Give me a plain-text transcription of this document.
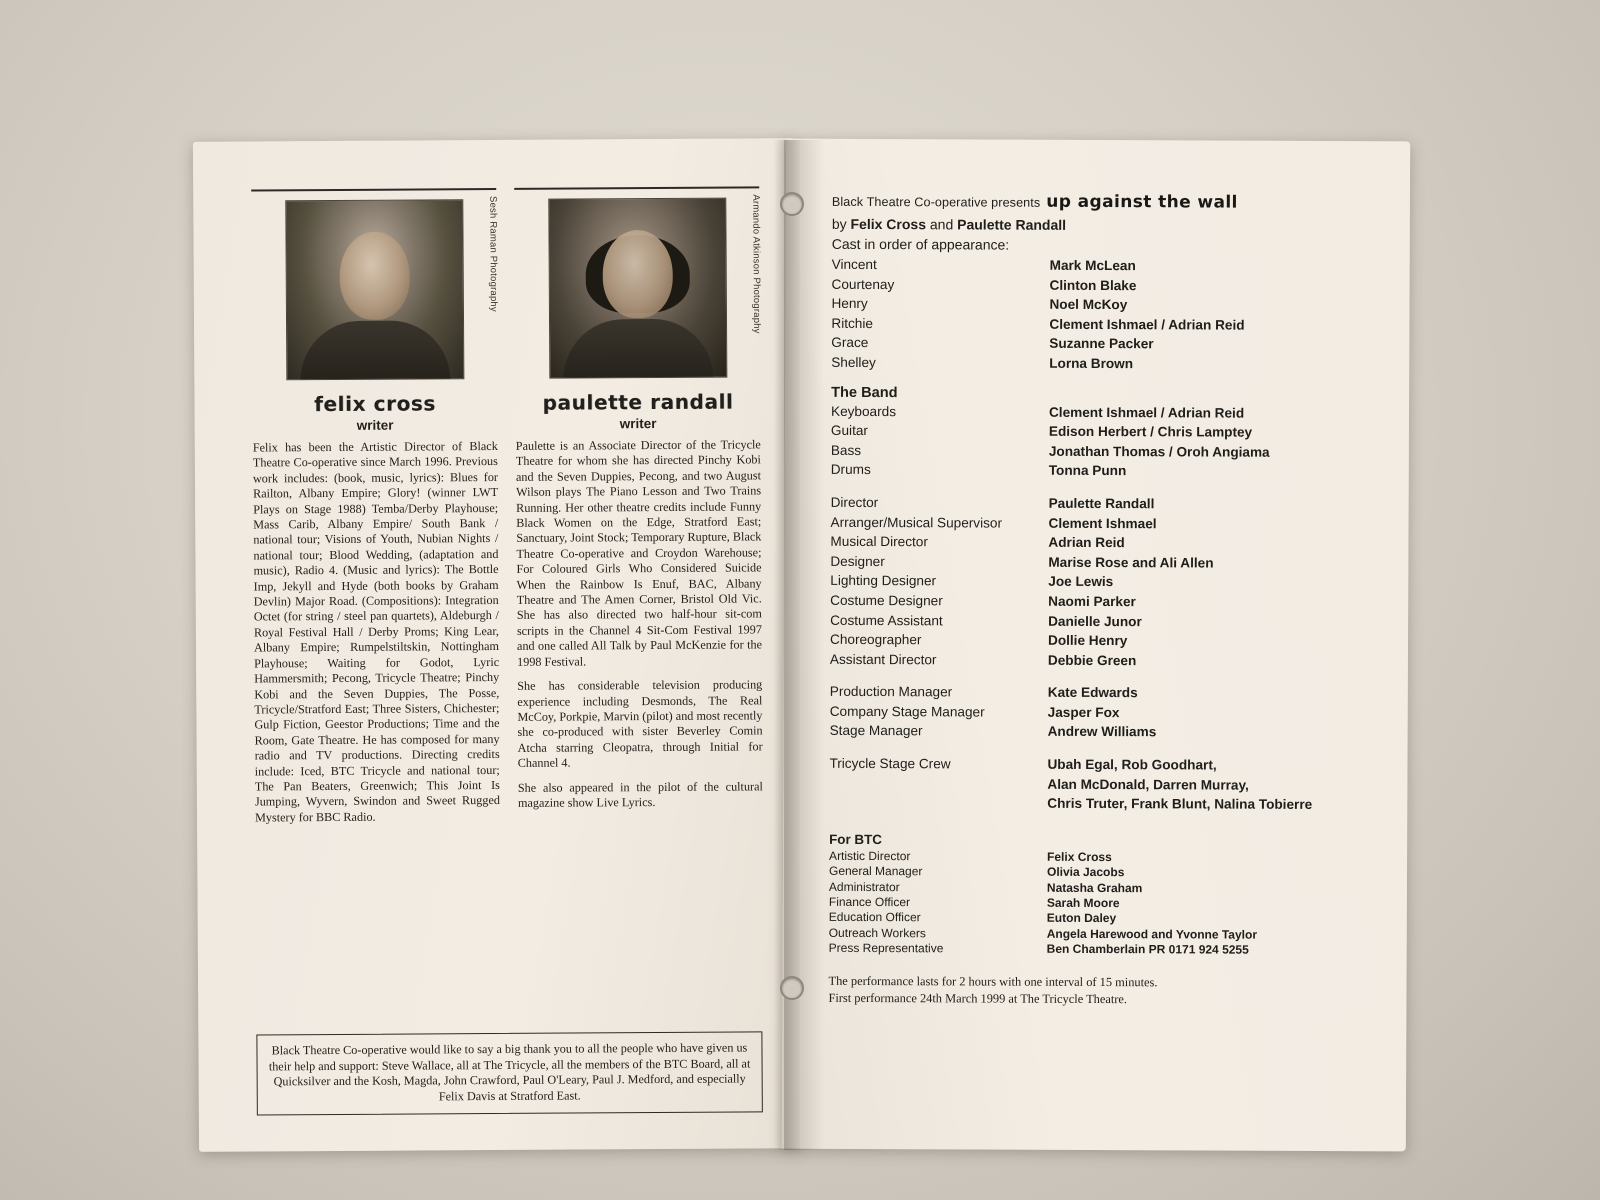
Sesh Raman Photography
felix cross
writer

Felix has been the Artistic Director of Black Theatre Co-operative since March 1996. Previous work includes: (book, music, lyrics): Blues for Railton, Albany Empire; Glory! (winner LWT Plays on Stage 1988) Temba/Derby Playhouse; Mass Carib, Albany Empire/ South Bank / national tour; Visions of Youth, Nubian Nights / national tour; Blood Wedding, (adaptation and music), Radio 4. (Music and lyrics): The Bottle Imp, Jekyll and Hyde (both books by Graham Devlin) Major Road. (Compositions): Integration Octet (for string / steel pan quartets), Aldeburgh / Royal Festival Hall / Derby Proms; King Lear, Albany Empire; Rumpelstiltskin, Nottingham Playhouse; Waiting for Godot, Lyric Hammersmith; Pecong, Tricycle Theatre; Pinchy Kobi and the Seven Duppies, The Posse, Tricycle/Stratford East; Three Sisters, Chichester; Gulp Fiction, Geestor Productions; Time and the Room, Gate Theatre. He has composed for many radio and TV productions. Directing credits include: Iced, BTC Tricycle and national tour; The Pan Beaters, Greenwich; This Joint Is Jumping, Wyvern, Swindon and Sweet Rugged Mystery for BBC Radio.

Armando Atkinson Photography
paulette randall
writer

Paulette is an Associate Director of the Tricycle Theatre for whom she has directed Pinchy Kobi and the Seven Duppies, Pecong, and two August Wilson plays The Piano Lesson and Two Trains Running. Her other theatre credits include Funny Black Women on the Edge, Stratford East; Sanctuary, Joint Stock; Temporary Rupture, Black Theatre Co-operative and Croydon Warehouse; For Coloured Girls Who Considered Suicide When the Rainbow Is Enuf, BAC, Albany Theatre and The Amen Corner, Bristol Old Vic. She has also directed two half-hour sit-com scripts in the Channel 4 Sit-Com Festival 1997 and one called All Talk by Paul McKenzie for the 1998 Festival.

She has considerable television producing experience including Desmonds, The Real McCoy, Porkpie, Marvin (pilot) and most recently she co-produced with sister Beverley Comin Atcha starring Cleopatra, through Initial for Channel 4.

She also appeared in the pilot of the cultural magazine show Live Lyrics.

Black Theatre Co-operative would like to say a big thank you to all the people who have given us their help and support: Steve Wallace, all at The Tricycle, all the members of the BTC Board, all at Quicksilver and the Kosh, Magda, John Crawford, Paul O'Leary, Paul J. Medford, and especially Felix Davis at Stratford East.
Black Theatre Co-operative presents up against the wall
by Felix Cross and Paulette Randall
Cast in order of appearance:
Vincent	Mark McLean
Courtenay	Clinton Blake
Henry	Noel McKoy
Ritchie	Clement Ishmael / Adrian Reid
Grace	Suzanne Packer
Shelley	Lorna Brown
The Band
Keyboards	Clement Ishmael / Adrian Reid
Guitar	Edison Herbert / Chris Lamptey
Bass	Jonathan Thomas / Oroh Angiama
Drums	Tonna Punn
Director	Paulette Randall
Arranger/Musical Supervisor	Clement Ishmael
Musical Director	Adrian Reid
Designer	Marise Rose and Ali Allen
Lighting Designer	Joe Lewis
Costume Designer	Naomi Parker
Costume Assistant	Danielle Junor
Choreographer	Dollie Henry
Assistant Director	Debbie Green
Production Manager	Kate Edwards
Company Stage Manager	Jasper Fox
Stage Manager	Andrew Williams
Tricycle Stage Crew	Ubah Egal, Rob Goodhart,
Alan McDonald, Darren Murray,
Chris Truter, Frank Blunt, Nalina Tobierre
For BTC
Artistic Director	Felix Cross
General Manager	Olivia Jacobs
Administrator	Natasha Graham
Finance Officer	Sarah Moore
Education Officer	Euton Daley
Outreach Workers	Angela Harewood and Yvonne Taylor
Press Representative	Ben Chamberlain PR 0171 924 5255
The performance lasts for 2 hours with one interval of 15 minutes.
First performance 24th March 1999 at The Tricycle Theatre.
